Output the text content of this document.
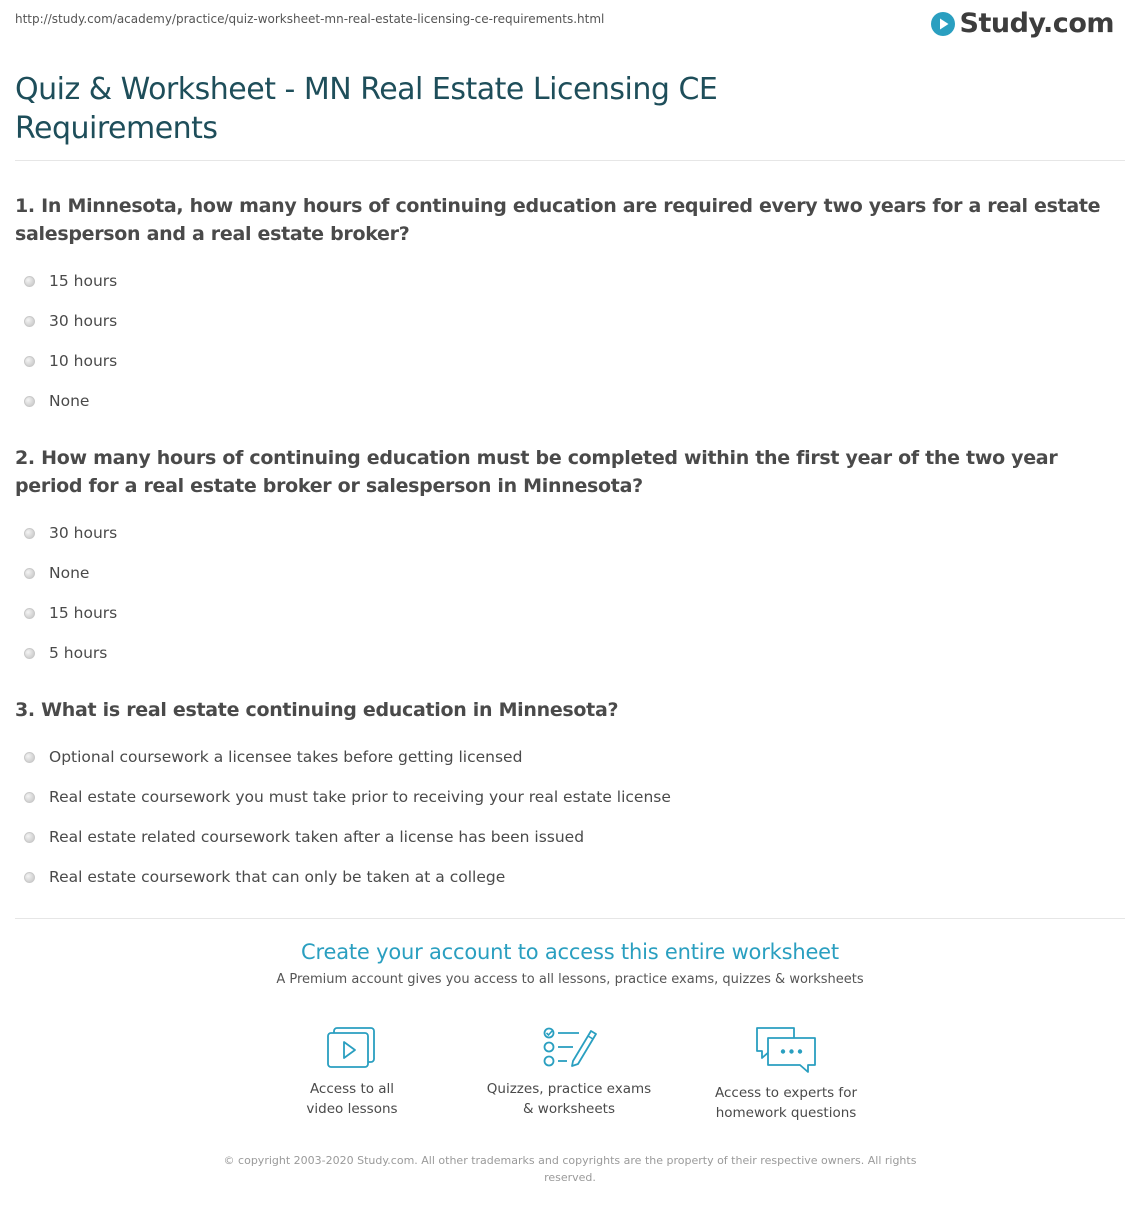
http://study.com/academy/practice/quiz-worksheet-mn-real-estate-licensing-ce-requirements.html	Study.com
Quiz & Worksheet - MN Real Estate Licensing CE Requirements

1. In Minnesota, how many hours of continuing education are required every two years for a real estate salesperson and a real estate broker?

15 hours
30 hours
10 hours
None

2. How many hours of continuing education must be completed within the first year of the two year period for a real estate broker or salesperson in Minnesota?

30 hours
None
15 hours
5 hours

3. What is real estate continuing education in Minnesota?

Optional coursework a licensee takes before getting licensed
Real estate coursework you must take prior to receiving your real estate license
Real estate related coursework taken after a license has been issued
Real estate coursework that can only be taken at a college
Create your account to access this entire worksheet
A Premium account gives you access to all lessons, practice exams, quizzes & worksheets
Access to all
video lessons
Quizzes, practice exams
& worksheets
Access to experts for
homework questions
© copyright 2003-2020 Study.com. All other trademarks and copyrights are the property of their respective owners. All rights reserved.
